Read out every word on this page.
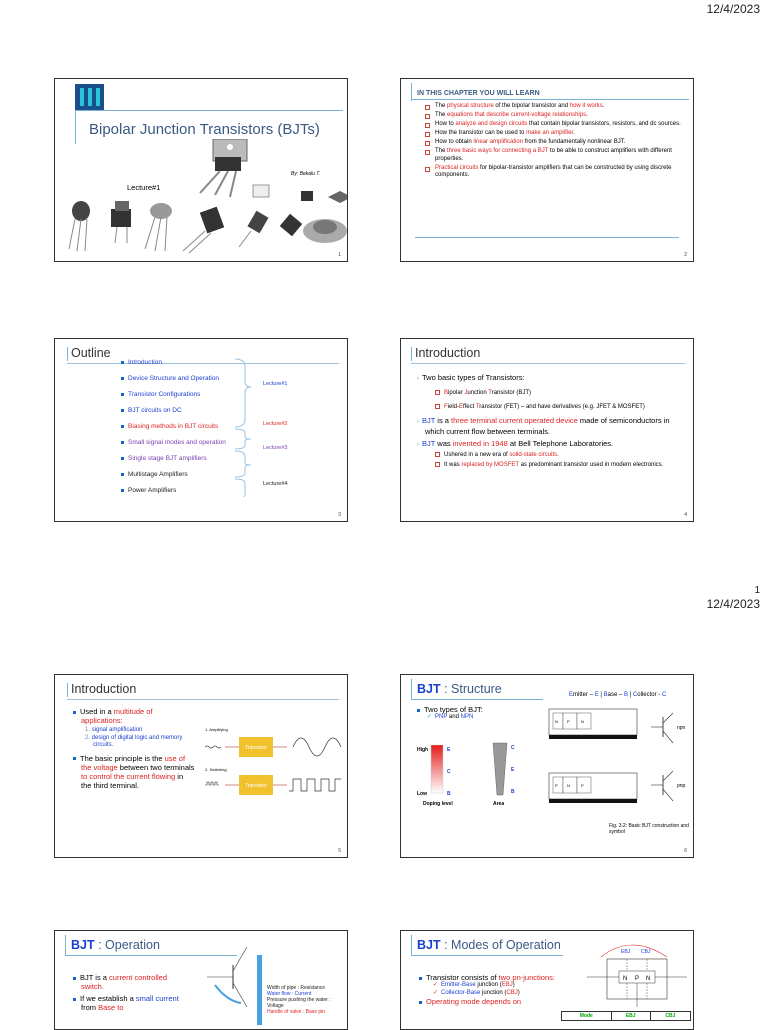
12/4/2023
1
12/4/2023
Bipolar Junction Transistors (BJTs)
By: Bekalu T.
Lecture#1
1
IN THIS CHAPTER YOU WILL LEARN
The physical structure of the bipolar transistor and how it works.
The equations that describe current-voltage relationships.
How to analyze and design circuits that contain bipolar transistors, resistors, and dc sources.
How the transistor can be used to make an amplifier.
How to obtain linear amplification from the fundamentally nonlinear BJT.
The three basic ways for connecting a BJT to be able to construct amplifiers with different properties.
Practical circuits for bipolar-transistor amplifiers that can be constructed by using discrete components.
2
Outline
Introduction
Device Structure and Operation
Transistor Configurations
BJT circuits on DC
Biasing methods in BJT circuits
Small signal modes and operation
Single stage BJT amplifiers
Multistage Amplifiers
Power Amplifiers
Lecture#1
Lecture#2
Lecture#3
Lecture#4
3
Introduction
› Two basic types of Transistors:
Bipolar Junction Transistor (BJT)
Field-Effect Transistor (FET) – and have derivatives (e.g. JFET & MOSFET)
› BJT is a three terminal current operated device made of semiconductors in which current flow between terminals.
› BJT was invented in 1948 at Bell Telephone Laboratories.
Ushered in a new era of solid-state circuits.
It was replaced by MOSFET as predominant transistor used in modern electronics.
4
Introduction
Used in a multitude of applications:
1. signal amplification
2. design of digital logic and memory circuits.
The basic principle is the use of the voltage between two terminals to control the current flowing in the third terminal.
1. Amplifying
Transistor
2. Switching
Transistor
5
BJT : Structure	Emitter – E | Base – B | Collector - C
Two types of BJT:
✓ PNP and NPN
High	E
C
B
Low
Doping level
C
E
B
Area
N P	N
P N	P
npn
pnp
Fig. 3.2: Basic BJT construction and symbol
6
BJT : Operation
BJT is a current controlled switch.
If we establish a small current from Base to
Width of pipe : Resistance
Water flow : Current
Pressure pushing the water : Voltage
Handle of valve : Base pin
BJT : Modes of Operation
Transistor consists of two pn-junctions:
✓ Emitter-Base junction (EBJ)
✓ Collector-Base junction (CBJ)
Operating mode depends on
EBJ CBJ
N P N
Mode	EBJ	CBJ
